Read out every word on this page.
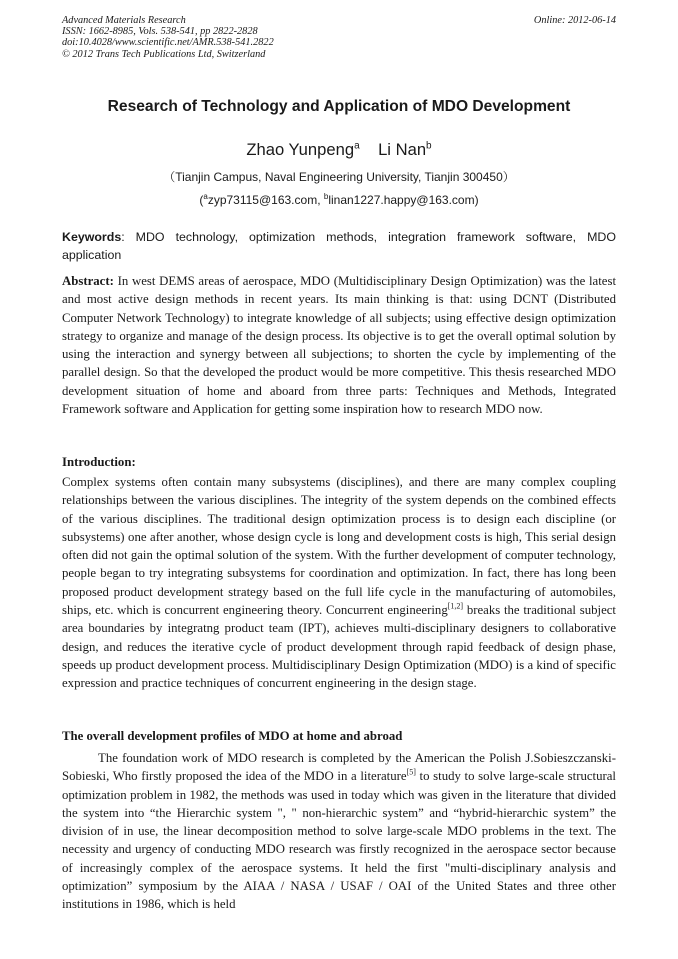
Advanced Materials Research
ISSN: 1662-8985, Vols. 538-541, pp 2822-2828
doi:10.4028/www.scientific.net/AMR.538-541.2822
© 2012 Trans Tech Publications Ltd, Switzerland
Online: 2012-06-14
Research of Technology and Application of MDO Development
Zhao Yunpeng$^a$ Li Nan$^b$
（Tianjin Campus, Naval Engineering University, Tianjin 300450）
($^a$zyp73115@163.com, $^b$linan1227.happy@163.com)
Keywords: MDO technology, optimization methods, integration framework software, MDO application
Abstract: In west DEMS areas of aerospace, MDO (Multidisciplinary Design Optimization) was the latest and most active design methods in recent years. Its main thinking is that: using DCNT (Distributed Computer Network Technology) to integrate knowledge of all subjects; using effective design optimization strategy to organize and manage of the design process. Its objective is to get the overall optimal solution by using the interaction and synergy between all subjections; to shorten the cycle by implementing of the parallel design. So that the developed the product would be more competitive. This thesis researched MDO development situation of home and aboard from three parts: Techniques and Methods, Integrated Framework software and Application for getting some inspiration how to research MDO now.
Introduction:
Complex systems often contain many subsystems (disciplines), and there are many complex coupling relationships between the various disciplines. The integrity of the system depends on the combined effects of the various disciplines. The traditional design optimization process is to design each discipline (or subsystems) one after another, whose design cycle is long and development costs is high, This serial design often did not gain the optimal solution of the system. With the further development of computer technology, people began to try integrating subsystems for coordination and optimization. In fact, there has long been proposed product development strategy based on the full life cycle in the manufacturing of automobiles, ships, etc. which is concurrent engineering theory. Concurrent engineering[1,2] breaks the traditional subject area boundaries by integratng product team (IPT), achieves multi-disciplinary designers to collaborative design, and reduces the iterative cycle of product development through rapid feedback of design phase, speeds up product development process. Multidisciplinary Design Optimization (MDO) is a kind of specific expression and practice techniques of concurrent engineering in the design stage.
The overall development profiles of MDO at home and abroad
The foundation work of MDO research is completed by the American the Polish J.Sobieszczanski-Sobieski, Who firstly proposed the idea of the MDO in a literature[5] to study to solve large-scale structural optimization problem in 1982, the methods was used in today which was given in the literature that divided the system into “the Hierarchic system ", " non-hierarchic system” and “hybrid-hierarchic system” the division of in use, the linear decomposition method to solve large-scale MDO problems in the text. The necessity and urgency of conducting MDO research was firstly recognized in the aerospace sector because of increasingly complex of the aerospace systems. It held the first "multi-disciplinary analysis and optimization” symposium by the AIAA / NASA / USAF / OAI of the United States and three other institutions in 1986, which is held
